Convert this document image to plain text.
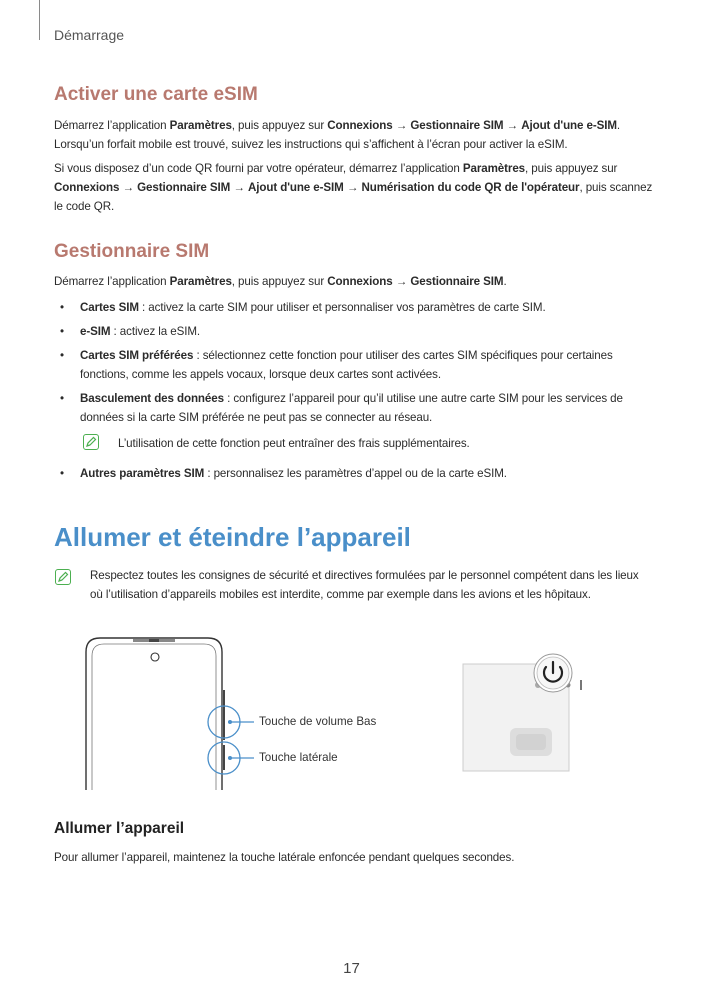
Démarrage
Activer une carte eSIM

Démarrez l’application Paramètres, puis appuyez sur Connexions → Gestionnaire SIM → Ajout d'une e-SIM. Lorsqu’un forfait mobile est trouvé, suivez les instructions qui s’affichent à l’écran pour activer la eSIM.

Si vous disposez d’un code QR fourni par votre opérateur, démarrez l’application Paramètres, puis appuyez sur Connexions → Gestionnaire SIM → Ajout d'une e-SIM → Numérisation du code QR de l'opérateur, puis scannez le code QR.

Gestionnaire SIM

Démarrez l’application Paramètres, puis appuyez sur Connexions → Gestionnaire SIM.

• Cartes SIM : activez la carte SIM pour utiliser et personnaliser vos paramètres de carte SIM.
• e-SIM : activez la eSIM.
• Cartes SIM préférées : sélectionnez cette fonction pour utiliser des cartes SIM spécifiques pour certaines fonctions, comme les appels vocaux, lorsque deux cartes sont activées.
• Basculement des données : configurez l’appareil pour qu’il utilise une autre carte SIM pour les services de données si la carte SIM préférée ne peut pas se connecter au réseau.
L’utilisation de cette fonction peut entraîner des frais supplémentaires.
• Autres paramètres SIM : personnalisez les paramètres d’appel ou de la carte eSIM.
Allumer et éteindre l’appareil
Respectez toutes les consignes de sécurité et directives formulées par le personnel compétent dans les lieux où l’utilisation d’appareils mobiles est interdite, comme par exemple dans les avions et les hôpitaux.
Touche de volume Bas
Touche latérale
Allumer l’appareil

Pour allumer l’appareil, maintenez la touche latérale enfoncée pendant quelques secondes.

17
